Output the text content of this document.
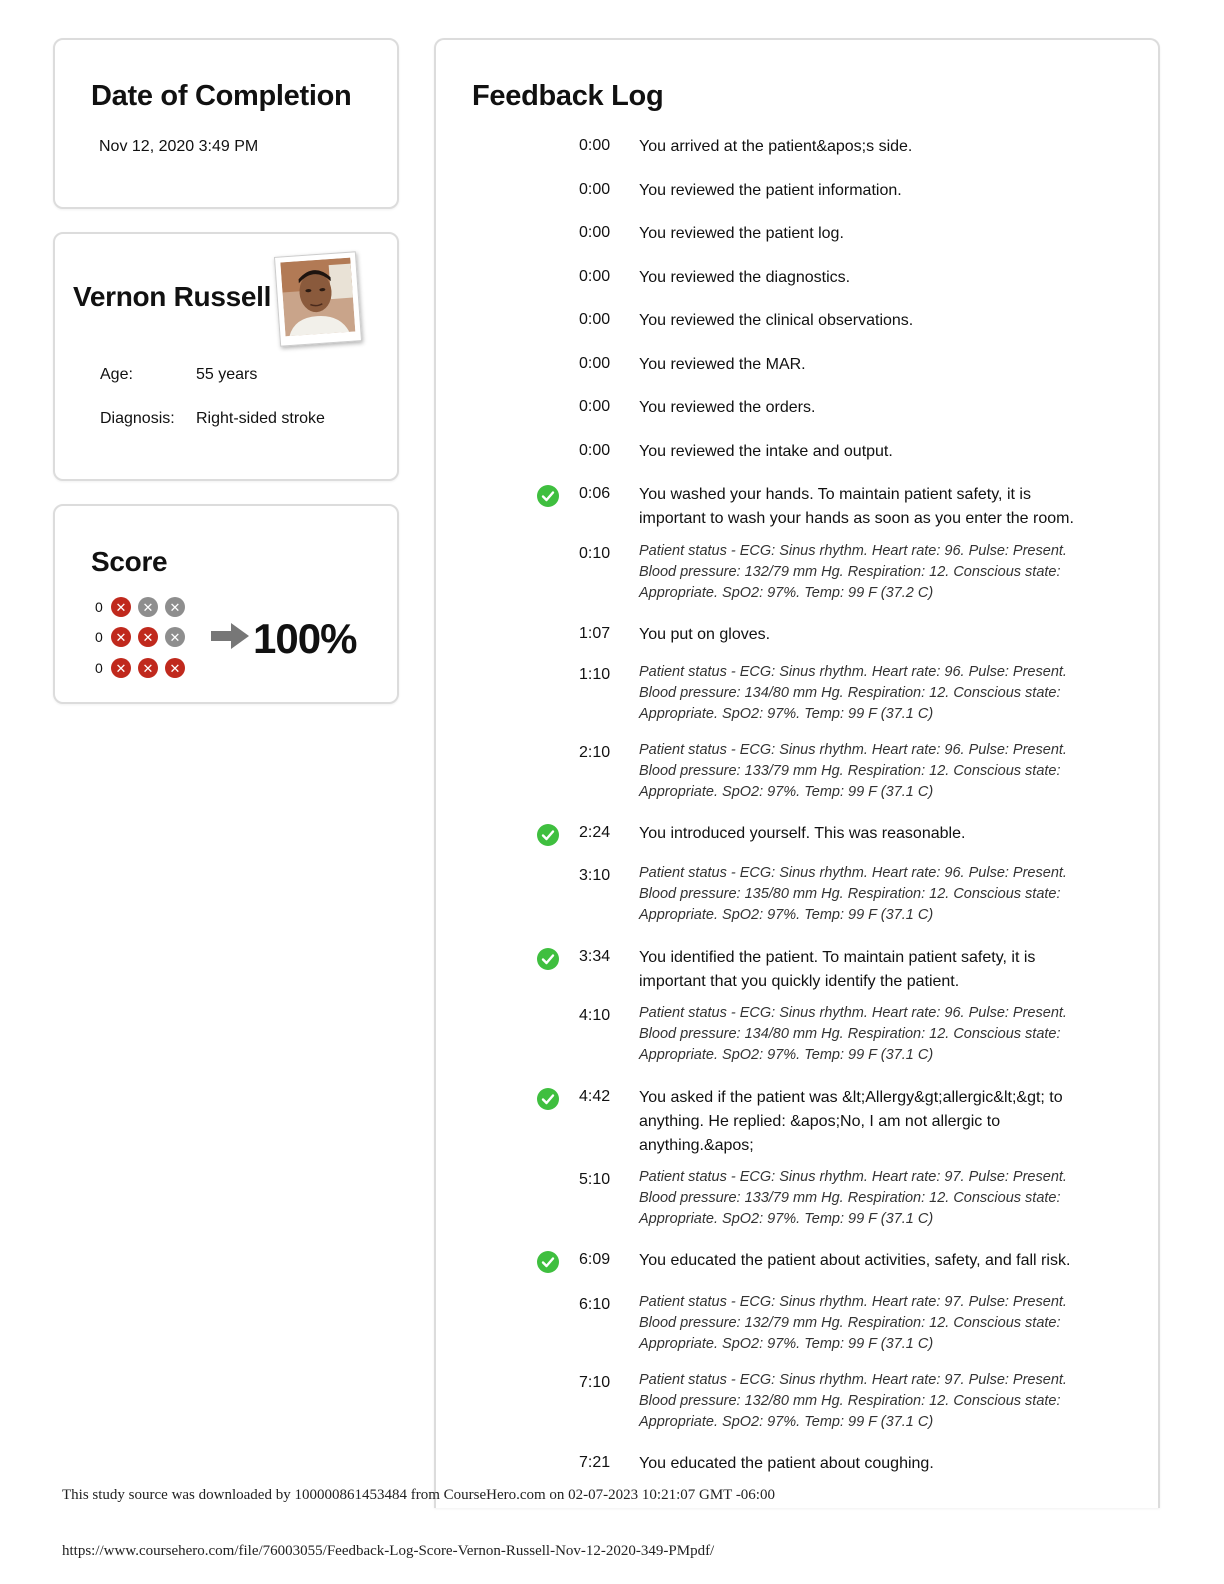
Date of Completion
Nov 12, 2020 3:49 PM
Vernon Russell
Age:	55 years
Diagnosis: Right-sided stroke
Score
0 ✕	✕	✕
0 ✕	✕	✕
0 ✕	✕	✕
100%
Feedback Log
0:00 You arrived at the patient&apos;s side.
0:00 You reviewed the patient information.
0:00 You reviewed the patient log.
0:00 You reviewed the diagnostics.
0:00 You reviewed the clinical observations.
0:00 You reviewed the MAR.
0:00 You reviewed the orders.
0:00 You reviewed the intake and output.
0:06 You washed your hands. To maintain patient safety, it is important to wash your hands as soon as you enter the room.
0:10 Patient status - ECG: Sinus rhythm. Heart rate: 96. Pulse: Present. Blood pressure: 132/79 mm Hg. Respiration: 12. Conscious state: Appropriate. SpO2: 97%. Temp: 99 F (37.2 C)
1:07 You put on gloves.
1:10 Patient status - ECG: Sinus rhythm. Heart rate: 96. Pulse: Present. Blood pressure: 134/80 mm Hg. Respiration: 12. Conscious state: Appropriate. SpO2: 97%. Temp: 99 F (37.1 C)
2:10 Patient status - ECG: Sinus rhythm. Heart rate: 96. Pulse: Present. Blood pressure: 133/79 mm Hg. Respiration: 12. Conscious state: Appropriate. SpO2: 97%. Temp: 99 F (37.1 C)
2:24 You introduced yourself. This was reasonable.
3:10 Patient status - ECG: Sinus rhythm. Heart rate: 96. Pulse: Present. Blood pressure: 135/80 mm Hg. Respiration: 12. Conscious state: Appropriate. SpO2: 97%. Temp: 99 F (37.1 C)
3:34 You identified the patient. To maintain patient safety, it is important that you quickly identify the patient.
4:10 Patient status - ECG: Sinus rhythm. Heart rate: 96. Pulse: Present. Blood pressure: 134/80 mm Hg. Respiration: 12. Conscious state: Appropriate. SpO2: 97%. Temp: 99 F (37.1 C)
4:42 You asked if the patient was &lt;Allergy&gt;allergic&lt;&gt; to anything. He replied: &apos;No, I am not allergic to anything.&apos;
5:10 Patient status - ECG: Sinus rhythm. Heart rate: 97. Pulse: Present. Blood pressure: 133/79 mm Hg. Respiration: 12. Conscious state: Appropriate. SpO2: 97%. Temp: 99 F (37.1 C)
6:09 You educated the patient about activities, safety, and fall risk.
6:10 Patient status - ECG: Sinus rhythm. Heart rate: 97. Pulse: Present. Blood pressure: 132/79 mm Hg. Respiration: 12. Conscious state: Appropriate. SpO2: 97%. Temp: 99 F (37.1 C)
7:10 Patient status - ECG: Sinus rhythm. Heart rate: 97. Pulse: Present. Blood pressure: 132/80 mm Hg. Respiration: 12. Conscious state: Appropriate. SpO2: 97%. Temp: 99 F (37.1 C)
7:21 You educated the patient about coughing.
This study source was downloaded by 100000861453484 from CourseHero.com on 02-07-2023 10:21:07 GMT -06:00
https://www.coursehero.com/file/76003055/Feedback-Log-Score-Vernon-Russell-Nov-12-2020-349-PMpdf/
